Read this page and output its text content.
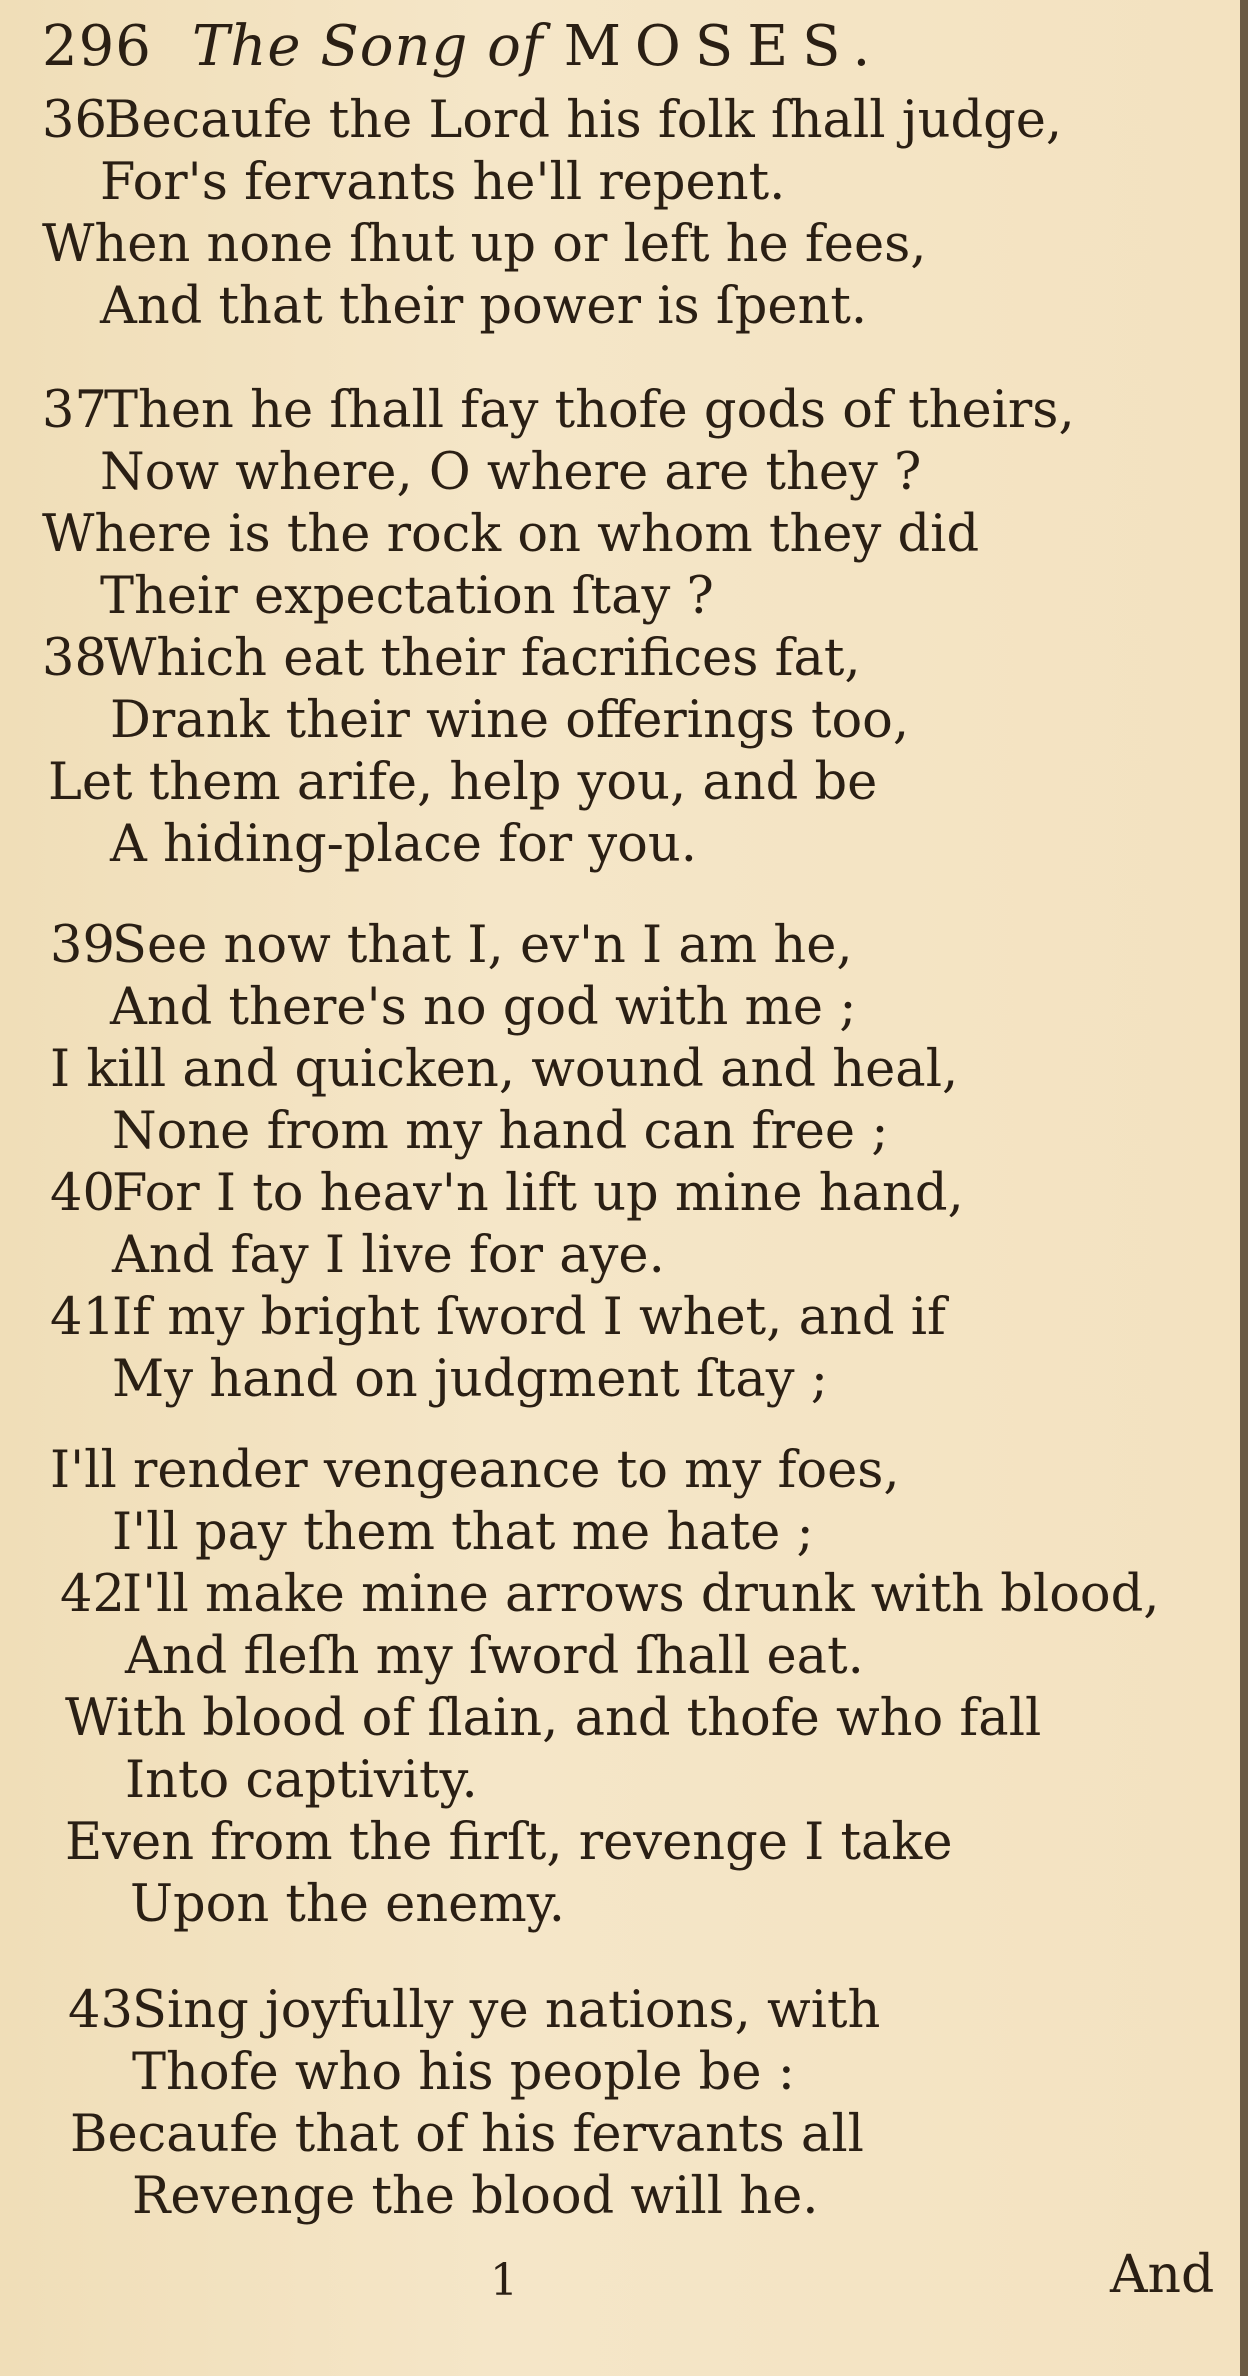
296 The Song of MOSES.
36
Becaufe the Lord his folk ſhall judge,
For's fervants he'll repent.
When none ſhut up or left he fees,
And that their power is ſpent.
37
Then he ſhall fay thofe gods of theirs,
Now where, O where are they ?
Where is the rock on whom they did
Their expectation ſtay ?
38
Which eat their facrifices fat,
Drank their wine offerings too,
Let them arife, help you, and be
A hiding-place for you.
39
See now that I, ev'n I am he,
And there's no god with me ;
I kill and quicken, wound and heal,
None from my hand can free ;
40
For I to heav'n lift up mine hand,
And fay I live for aye.
41
If my bright ſword I whet, and if
My hand on judgment ſtay ;
I'll render vengeance to my foes,
I'll pay them that me hate ;
42
I'll make mine arrows drunk with blood,
And fleſh my ſword ſhall eat.
With blood of ſlain, and thofe who fall
Into captivity.
Even from the firſt, revenge I take
Upon the enemy.
43 Sing joyfully ye nations, with
Thofe who his people be :
Becaufe that of his fervants all
Revenge the blood will he.
1	And
